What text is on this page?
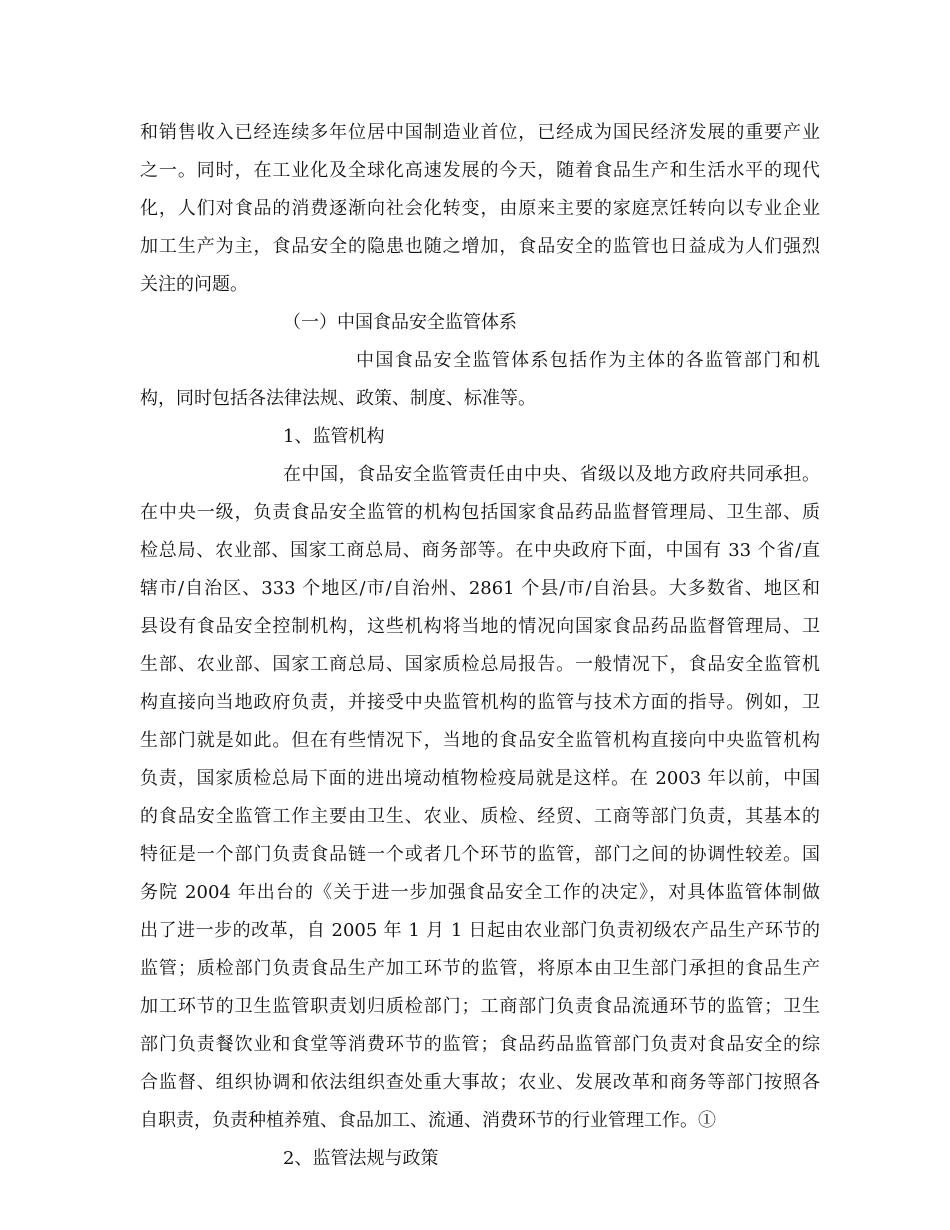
和销售收入已经连续多年位居中国制造业首位，已经成为国民经济发展的重要产业
之一。同时，在工业化及全球化高速发展的今天，随着食品生产和生活水平的现代
化，人们对食品的消费逐渐向社会化转变，由原来主要的家庭烹饪转向以专业企业
加工生产为主，食品安全的隐患也随之增加，食品安全的监管也日益成为人们强烈
关注的问题。
（一）中国食品安全监管体系
中国食品安全监管体系包括作为主体的各监管部门和机
构，同时包括各法律法规、政策、制度、标准等。
1、监管机构
在中国，食品安全监管责任由中央、省级以及地方政府共同承担。
在中央一级，负责食品安全监管的机构包括国家食品药品监督管理局、卫生部、质
检总局、农业部、国家工商总局、商务部等。在中央政府下面，中国有 33 个省/直
辖市/自治区、333 个地区/市/自治州、2861 个县/市/自治县。大多数省、地区和
县设有食品安全控制机构，这些机构将当地的情况向国家食品药品监督管理局、卫
生部、农业部、国家工商总局、国家质检总局报告。一般情况下，食品安全监管机
构直接向当地政府负责，并接受中央监管机构的监管与技术方面的指导。例如，卫
生部门就是如此。但在有些情况下，当地的食品安全监管机构直接向中央监管机构
负责，国家质检总局下面的进出境动植物检疫局就是这样。在 2003 年以前，中国
的食品安全监管工作主要由卫生、农业、质检、经贸、工商等部门负责，其基本的
特征是一个部门负责食品链一个或者几个环节的监管，部门之间的协调性较差。国
务院 2004 年出台的《关于进一步加强食品安全工作的决定》，对具体监管体制做
出了进一步的改革，自 2005 年 1 月 1 日起由农业部门负责初级农产品生产环节的
监管；质检部门负责食品生产加工环节的监管，将原本由卫生部门承担的食品生产
加工环节的卫生监管职责划归质检部门；工商部门负责食品流通环节的监管；卫生
部门负责餐饮业和食堂等消费环节的监管；食品药品监管部门负责对食品安全的综
合监督、组织协调和依法组织查处重大事故；农业、发展改革和商务等部门按照各
自职责，负责种植养殖、食品加工、流通、消费环节的行业管理工作。①
2、监管法规与政策
